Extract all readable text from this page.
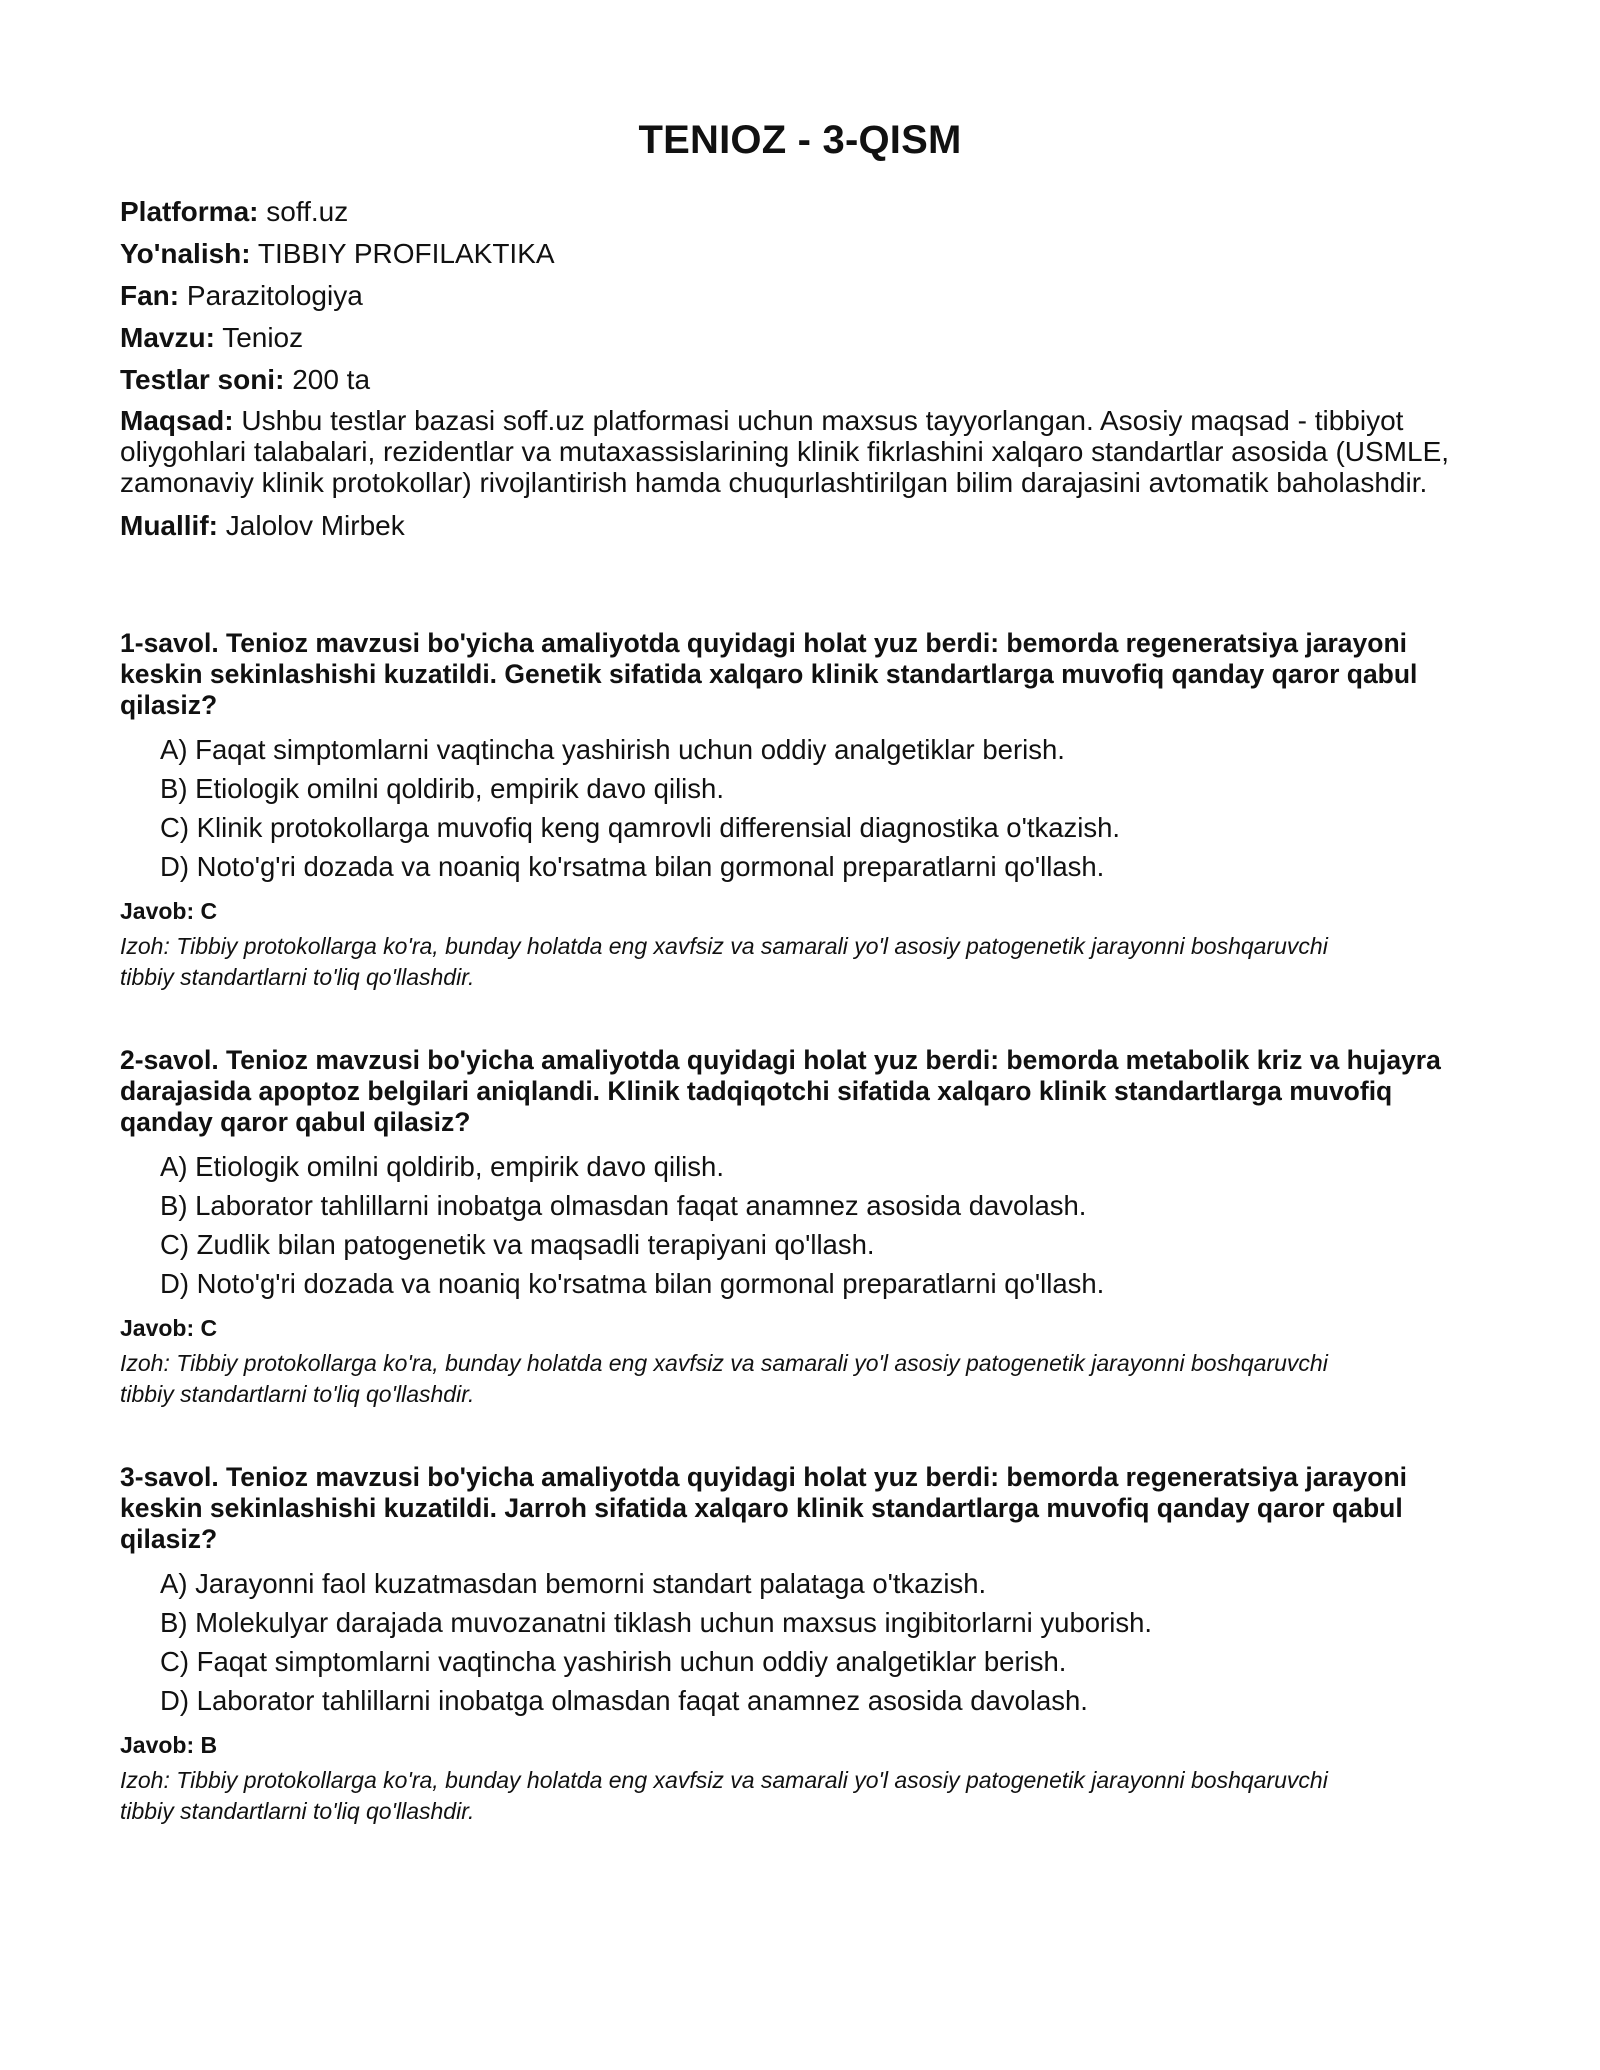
TENIOZ - 3-QISM

Platforma: soff.uz

Yo'nalish: TIBBIY PROFILAKTIKA

Fan: Parazitologiya

Mavzu: Tenioz

Testlar soni: 200 ta

Maqsad: Ushbu testlar bazasi soff.uz platformasi uchun maxsus tayyorlangan. Asosiy maqsad - tibbiyot oliygohlari talabalari, rezidentlar va mutaxassislarining klinik fikrlashini xalqaro standartlar asosida (USMLE, zamonaviy klinik protokollar) rivojlantirish hamda chuqurlashtirilgan bilim darajasini avtomatik baholashdir.

Muallif: Jalolov Mirbek

1-savol. Tenioz mavzusi bo'yicha amaliyotda quyidagi holat yuz berdi: bemorda regeneratsiya jarayoni keskin sekinlashishi kuzatildi. Genetik sifatida xalqaro klinik standartlarga muvofiq qanday qaror qabul qilasiz?

A) Faqat simptomlarni vaqtincha yashirish uchun oddiy analgetiklar berish.
B) Etiologik omilni qoldirib, empirik davo qilish.
C) Klinik protokollarga muvofiq keng qamrovli differensial diagnostika o'tkazish.
D) Noto'g'ri dozada va noaniq ko'rsatma bilan gormonal preparatlarni qo'llash.

Javob: C

Izoh: Tibbiy protokollarga ko'ra, bunday holatda eng xavfsiz va samarali yo'l asosiy patogenetik jarayonni boshqaruvchi tibbiy standartlarni to'liq qo'llashdir.

2-savol. Tenioz mavzusi bo'yicha amaliyotda quyidagi holat yuz berdi: bemorda metabolik kriz va hujayra darajasida apoptoz belgilari aniqlandi. Klinik tadqiqotchi sifatida xalqaro klinik standartlarga muvofiq qanday qaror qabul qilasiz?

A) Etiologik omilni qoldirib, empirik davo qilish.
B) Laborator tahlillarni inobatga olmasdan faqat anamnez asosida davolash.
C) Zudlik bilan patogenetik va maqsadli terapiyani qo'llash.
D) Noto'g'ri dozada va noaniq ko'rsatma bilan gormonal preparatlarni qo'llash.

Javob: C

Izoh: Tibbiy protokollarga ko'ra, bunday holatda eng xavfsiz va samarali yo'l asosiy patogenetik jarayonni boshqaruvchi tibbiy standartlarni to'liq qo'llashdir.

3-savol. Tenioz mavzusi bo'yicha amaliyotda quyidagi holat yuz berdi: bemorda regeneratsiya jarayoni keskin sekinlashishi kuzatildi. Jarroh sifatida xalqaro klinik standartlarga muvofiq qanday qaror qabul qilasiz?

A) Jarayonni faol kuzatmasdan bemorni standart palataga o'tkazish.
B) Molekulyar darajada muvozanatni tiklash uchun maxsus ingibitorlarni yuborish.
C) Faqat simptomlarni vaqtincha yashirish uchun oddiy analgetiklar berish.
D) Laborator tahlillarni inobatga olmasdan faqat anamnez asosida davolash.

Javob: B

Izoh: Tibbiy protokollarga ko'ra, bunday holatda eng xavfsiz va samarali yo'l asosiy patogenetik jarayonni boshqaruvchi tibbiy standartlarni to'liq qo'llashdir.
